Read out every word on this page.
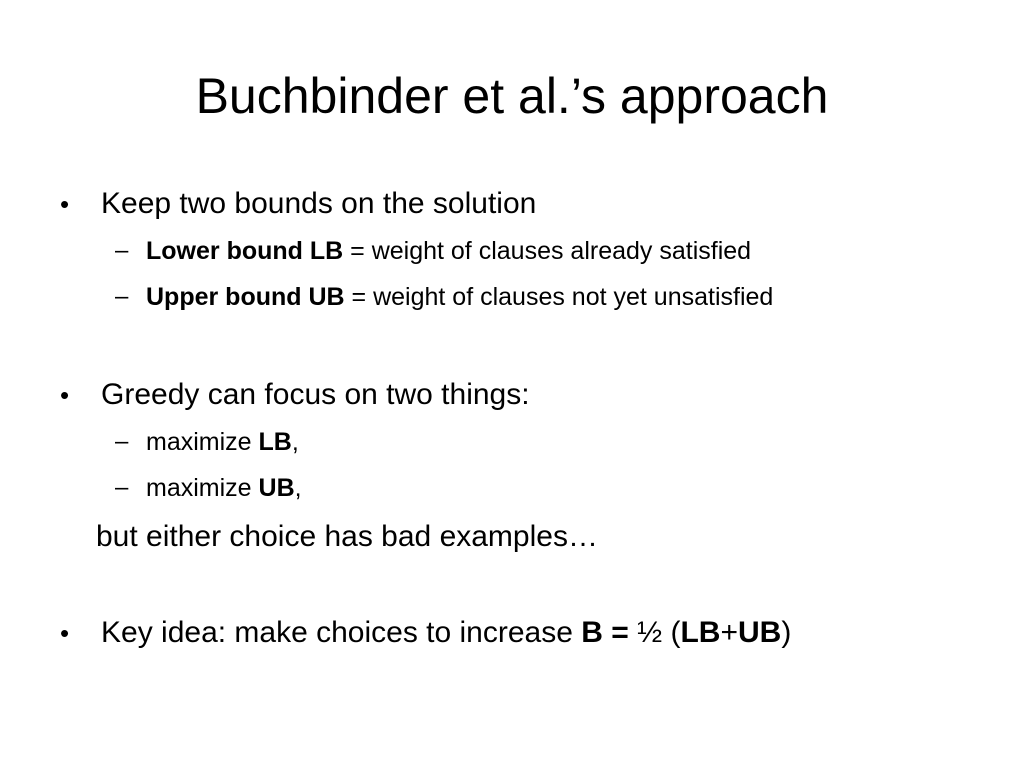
Buchbinder et al.’s approach
• Keep two bounds on the solution
– Lower bound LB = weight of clauses already satisfied
– Upper bound UB = weight of clauses not yet unsatisfied
• Greedy can focus on two things:
– maximize LB,
– maximize UB,
but either choice has bad examples…
• Key idea: make choices to increase B = ½ (LB+UB)
